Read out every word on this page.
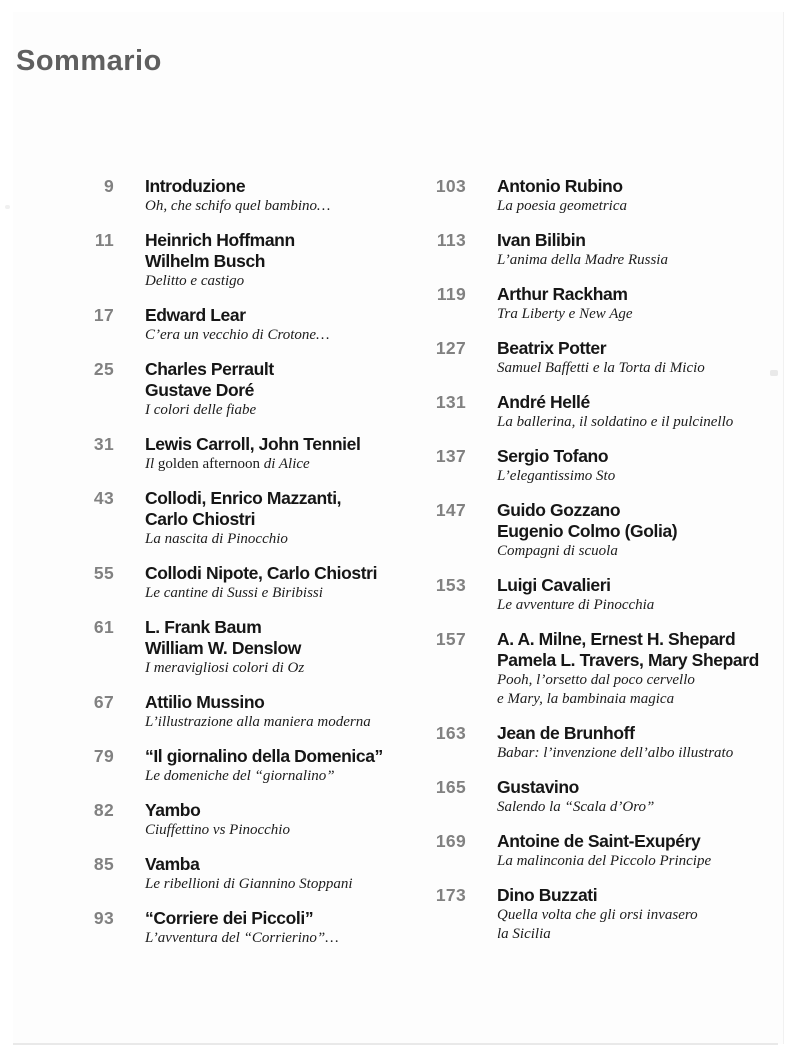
Sommario
9 Introduzione
Oh, che schifo quel bambino…
11 Heinrich Hoffmann
Wilhelm Busch
Delitto e castigo
17 Edward Lear
C’era un vecchio di Crotone…
25 Charles Perrault
Gustave Doré
I colori delle fiabe
31 Lewis Carroll, John Tenniel
Il golden afternoon di Alice
43 Collodi, Enrico Mazzanti,
Carlo Chiostri
La nascita di Pinocchio
55 Collodi Nipote, Carlo Chiostri
Le cantine di Sussi e Biribissi
61 L. Frank Baum
William W. Denslow
I meravigliosi colori di Oz
67 Attilio Mussino
L’illustrazione alla maniera moderna
79 “Il giornalino della Domenica”
Le domeniche del “giornalino”
82 Yambo
Ciuffettino vs Pinocchio
85 Vamba
Le ribellioni di Giannino Stoppani
93 “Corriere dei Piccoli”
L’avventura del “Corrierino”…
103 Antonio Rubino
La poesia geometrica
113 Ivan Bilibin
L’anima della Madre Russia
119 Arthur Rackham
Tra Liberty e New Age
127 Beatrix Potter
Samuel Baffetti e la Torta di Micio
131 André Hellé
La ballerina, il soldatino e il pulcinello
137 Sergio Tofano
L’elegantissimo Sto
147 Guido Gozzano
Eugenio Colmo (Golia)
Compagni di scuola
153 Luigi Cavalieri
Le avventure di Pinocchia
157 A. A. Milne, Ernest H. Shepard
Pamela L. Travers, Mary Shepard
Pooh, l’orsetto dal poco cervello
e Mary, la bambinaia magica
163 Jean de Brunhoff
Babar: l’invenzione dell’albo illustrato
165 Gustavino
Salendo la “Scala d’Oro”
169 Antoine de Saint-Exupéry
La malinconia del Piccolo Principe
173 Dino Buzzati
Quella volta che gli orsi invasero
la Sicilia
